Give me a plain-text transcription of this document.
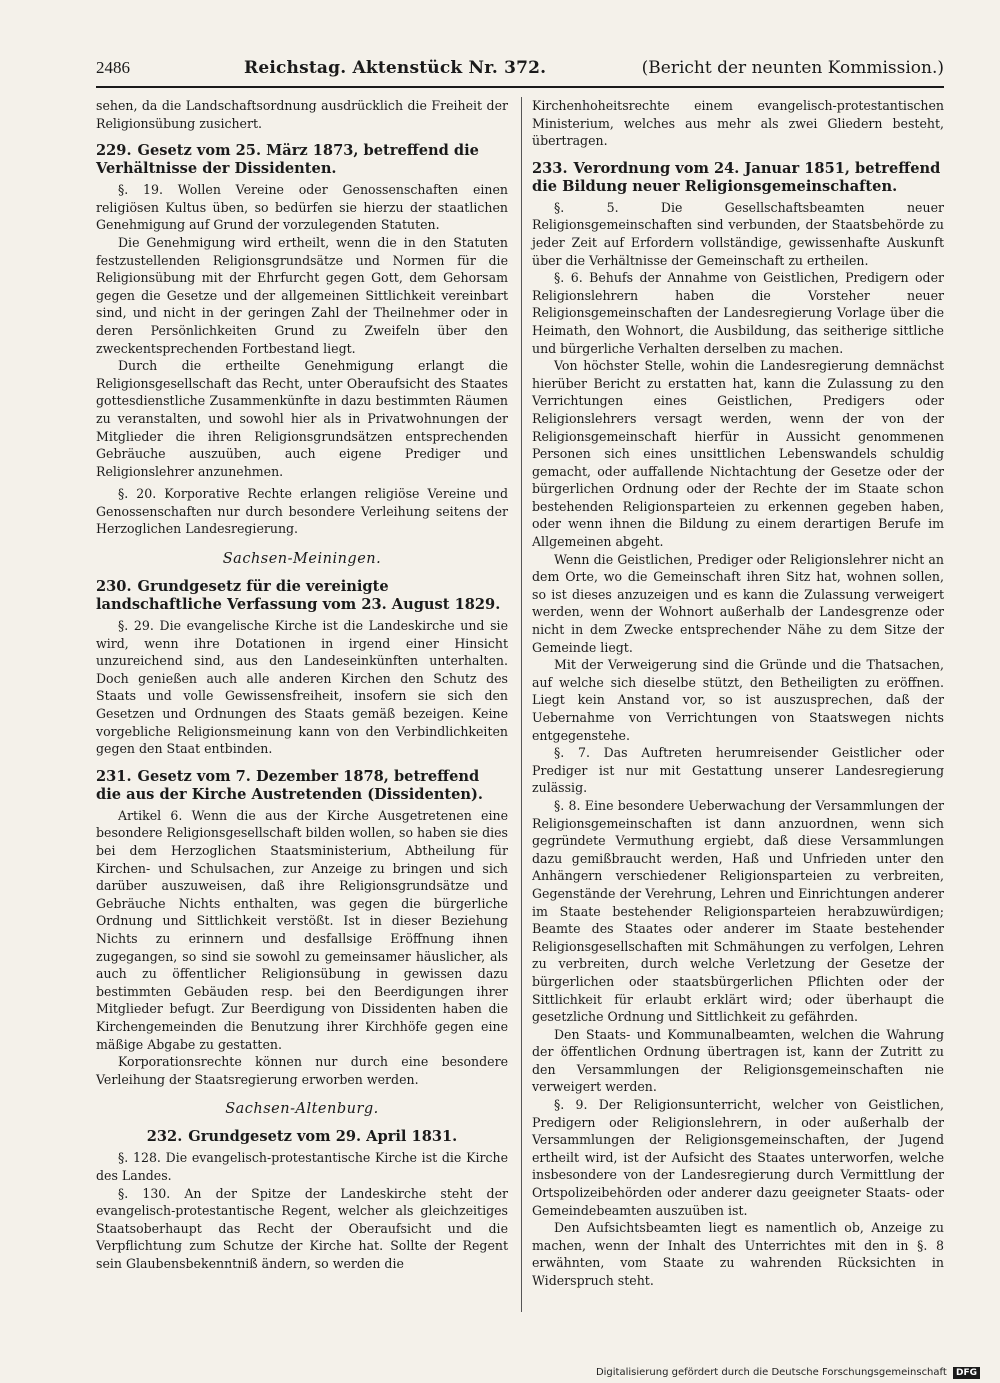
2486	Reichstag. Aktenstück Nr. 372.	(Bericht der neunten Kommission.)

sehen, da die Landschaftsordnung ausdrücklich die Freiheit der Religionsübung zusichert.

229. Gesetz vom 25. März 1873, betreffend die Verhältnisse der Dissidenten.

§. 19. Wollen Vereine oder Genossenschaften einen religiösen Kultus üben, so bedürfen sie hierzu der staatlichen Genehmigung auf Grund der vorzulegenden Statuten.

Die Genehmigung wird ertheilt, wenn die in den Statuten festzustellenden Religionsgrundsätze und Normen für die Religionsübung mit der Ehrfurcht gegen Gott, dem Gehorsam gegen die Gesetze und der allgemeinen Sittlichkeit vereinbart sind, und nicht in der geringen Zahl der Theilnehmer oder in deren Persönlichkeiten Grund zu Zweifeln über den zweckentsprechenden Fortbestand liegt.

Durch die ertheilte Genehmigung erlangt die Religionsgesellschaft das Recht, unter Oberaufsicht des Staates gottesdienstliche Zusammenkünfte in dazu bestimmten Räumen zu veranstalten, und sowohl hier als in Privatwohnungen der Mitglieder die ihren Religionsgrundsätzen entsprechenden Gebräuche auszuüben, auch eigene Prediger und Religionslehrer anzunehmen.

§. 20. Korporative Rechte erlangen religiöse Vereine und Genossenschaften nur durch besondere Verleihung seitens der Herzoglichen Landesregierung.

Sachsen-Meiningen.
230. Grundgesetz für die vereinigte landschaftliche Verfassung vom 23. August 1829.

§. 29. Die evangelische Kirche ist die Landeskirche und sie wird, wenn ihre Dotationen in irgend einer Hinsicht unzureichend sind, aus den Landeseinkünften unterhalten. Doch genießen auch alle anderen Kirchen den Schutz des Staats und volle Gewissensfreiheit, insofern sie sich den Gesetzen und Ordnungen des Staats gemäß bezeigen. Keine vorgebliche Religionsmeinung kann von den Verbindlichkeiten gegen den Staat entbinden.

231. Gesetz vom 7. Dezember 1878, betreffend die aus der Kirche Austretenden (Dissidenten).

Artikel 6. Wenn die aus der Kirche Ausgetretenen eine besondere Religionsgesellschaft bilden wollen, so haben sie dies bei dem Herzoglichen Staatsministerium, Abtheilung für Kirchen- und Schulsachen, zur Anzeige zu bringen und sich darüber auszuweisen, daß ihre Religionsgrundsätze und Gebräuche Nichts enthalten, was gegen die bürgerliche Ordnung und Sittlichkeit verstößt. Ist in dieser Beziehung Nichts zu erinnern und desfallsige Eröffnung ihnen zugegangen, so sind sie sowohl zu gemeinsamer häuslicher, als auch zu öffentlicher Religionsübung in gewissen dazu bestimmten Gebäuden resp. bei den Beerdigungen ihrer Mitglieder befugt. Zur Beerdigung von Dissidenten haben die Kirchengemeinden die Benutzung ihrer Kirchhöfe gegen eine mäßige Abgabe zu gestatten.

Korporationsrechte können nur durch eine besondere Verleihung der Staatsregierung erworben werden.

Sachsen-Altenburg.
232. Grundgesetz vom 29. April 1831.

§. 128. Die evangelisch-protestantische Kirche ist die Kirche des Landes.

§. 130. An der Spitze der Landeskirche steht der evangelisch-protestantische Regent, welcher als gleichzeitiges Staatsoberhaupt das Recht der Oberaufsicht und die Verpflichtung zum Schutze der Kirche hat. Sollte der Regent sein Glaubensbekenntniß ändern, so werden die

Kirchenhoheitsrechte einem evangelisch-protestantischen Ministerium, welches aus mehr als zwei Gliedern besteht, übertragen.

233. Verordnung vom 24. Januar 1851, betreffend die Bildung neuer Religionsgemeinschaften.

§. 5. Die Gesellschaftsbeamten neuer Religionsgemeinschaften sind verbunden, der Staatsbehörde zu jeder Zeit auf Erfordern vollständige, gewissenhafte Auskunft über die Verhältnisse der Gemeinschaft zu ertheilen.

§. 6. Behufs der Annahme von Geistlichen, Predigern oder Religionslehrern haben die Vorsteher neuer Religionsgemeinschaften der Landesregierung Vorlage über die Heimath, den Wohnort, die Ausbildung, das seitherige sittliche und bürgerliche Verhalten derselben zu machen.

Von höchster Stelle, wohin die Landesregierung demnächst hierüber Bericht zu erstatten hat, kann die Zulassung zu den Verrichtungen eines Geistlichen, Predigers oder Religionslehrers versagt werden, wenn der von der Religionsgemeinschaft hierfür in Aussicht genommenen Personen sich eines unsittlichen Lebenswandels schuldig gemacht, oder auffallende Nichtachtung der Gesetze oder der bürgerlichen Ordnung oder der Rechte der im Staate schon bestehenden Religionsparteien zu erkennen gegeben haben, oder wenn ihnen die Bildung zu einem derartigen Berufe im Allgemeinen abgeht.

Wenn die Geistlichen, Prediger oder Religionslehrer nicht an dem Orte, wo die Gemeinschaft ihren Sitz hat, wohnen sollen, so ist dieses anzuzeigen und es kann die Zulassung verweigert werden, wenn der Wohnort außerhalb der Landesgrenze oder nicht in dem Zwecke entsprechender Nähe zu dem Sitze der Gemeinde liegt.

Mit der Verweigerung sind die Gründe und die Thatsachen, auf welche sich dieselbe stützt, den Betheiligten zu eröffnen. Liegt kein Anstand vor, so ist auszusprechen, daß der Uebernahme von Verrichtungen von Staatswegen nichts entgegenstehe.

§. 7. Das Auftreten herumreisender Geistlicher oder Prediger ist nur mit Gestattung unserer Landesregierung zulässig.

§. 8. Eine besondere Ueberwachung der Versammlungen der Religionsgemeinschaften ist dann anzuordnen, wenn sich gegründete Vermuthung ergiebt, daß diese Versammlungen dazu gemißbraucht werden, Haß und Unfrieden unter den Anhängern verschiedener Religionsparteien zu verbreiten, Gegenstände der Verehrung, Lehren und Einrichtungen anderer im Staate bestehender Religionsparteien herabzuwürdigen; Beamte des Staates oder anderer im Staate bestehender Religionsgesellschaften mit Schmähungen zu verfolgen, Lehren zu verbreiten, durch welche Verletzung der Gesetze der bürgerlichen oder staatsbürgerlichen Pflichten oder der Sittlichkeit für erlaubt erklärt wird; oder überhaupt die gesetzliche Ordnung und Sittlichkeit zu gefährden.

Den Staats- und Kommunalbeamten, welchen die Wahrung der öffentlichen Ordnung übertragen ist, kann der Zutritt zu den Versammlungen der Religionsgemeinschaften nie verweigert werden.

§. 9. Der Religionsunterricht, welcher von Geistlichen, Predigern oder Religionslehrern, in oder außerhalb der Versammlungen der Religionsgemeinschaften, der Jugend ertheilt wird, ist der Aufsicht des Staates unterworfen, welche insbesondere von der Landesregierung durch Vermittlung der Ortspolizeibehörden oder anderer dazu geeigneter Staats- oder Gemeindebeamten auszuüben ist.

Den Aufsichtsbeamten liegt es namentlich ob, Anzeige zu machen, wenn der Inhalt des Unterrichtes mit den in §. 8 erwähnten, vom Staate zu wahrenden Rücksichten in Widerspruch steht.

Digitalisierung gefördert durch die Deutsche Forschungsgemeinschaft DFG
